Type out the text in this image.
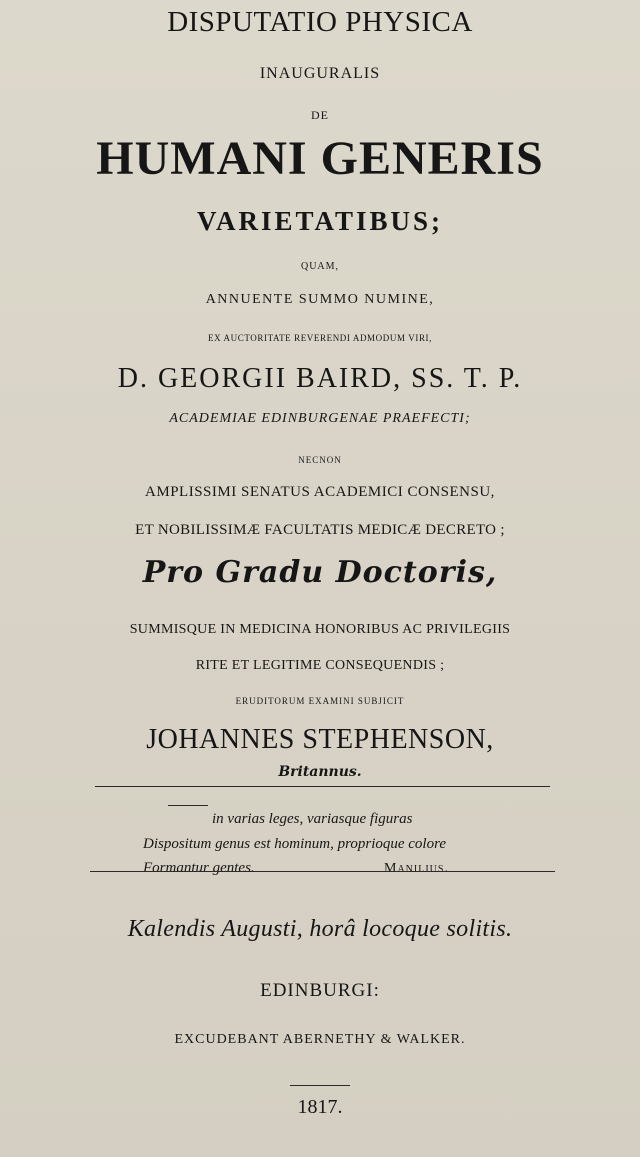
DISPUTATIO PHYSICA

INAUGURALIS

DE

HUMANI GENERIS

VARIETATIBUS;

QUAM,

ANNUENTE SUMMO NUMINE,

EX AUCTORITATE REVERENDI ADMODUM VIRI,

D. GEORGII BAIRD, SS. T. P.

ACADEMIAE EDINBURGENAE PRAEFECTI;

NECNON

AMPLISSIMI SENATUS ACADEMICI CONSENSU,

ET NOBILISSIMÆ FACULTATIS MEDICÆ DECRETO ;

Pro Gradu Doctoris,

SUMMISQUE IN MEDICINA HONORIBUS AC PRIVILEGIIS

RITE ET LEGITIME CONSEQUENDIS ;

ERUDITORUM EXAMINI SUBJICIT

JOHANNES STEPHENSON,

Britannus.

in varias leges, variasque figuras

Dispositum genus est hominum, proprioque colore

Formantur gentes.	Manilius.

Kalendis Augusti, horâ locoque solitis.

EDINBURGI:

EXCUDEBANT ABERNETHY & WALKER.

1817.
